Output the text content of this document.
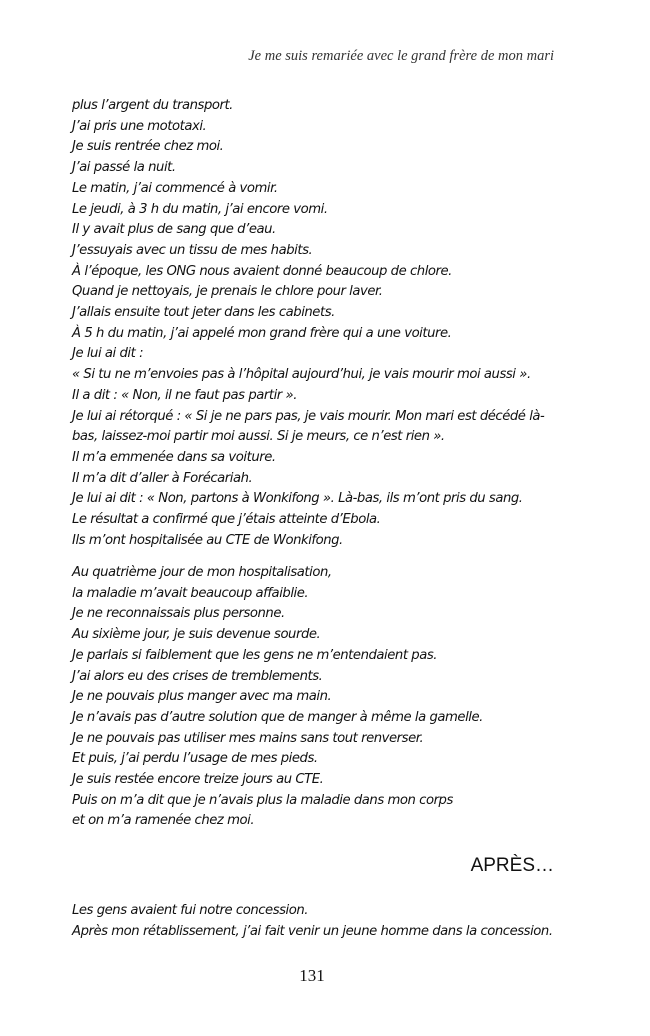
Je me suis remariée avec le grand frère de mon mari
plus l’argent du transport.
J’ai pris une mototaxi.
Je suis rentrée chez moi.
J’ai passé la nuit.
Le matin, j’ai commencé à vomir.
Le jeudi, à 3 h du matin, j’ai encore vomi.
Il y avait plus de sang que d’eau.
J’essuyais avec un tissu de mes habits.
À l’époque, les ONG nous avaient donné beaucoup de chlore.
Quand je nettoyais, je prenais le chlore pour laver.
J’allais ensuite tout jeter dans les cabinets.
À 5 h du matin, j’ai appelé mon grand frère qui a une voiture.
Je lui ai dit :
« Si tu ne m’envoies pas à l’hôpital aujourd’hui, je vais mourir moi aussi ».
Il a dit : « Non, il ne faut pas partir ».
Je lui ai rétorqué : « Si je ne pars pas, je vais mourir. Mon mari est décédé là-
bas, laissez-moi partir moi aussi. Si je meurs, ce n’est rien ».
Il m’a emmenée dans sa voiture.
Il m’a dit d’aller à Forécariah.
Je lui ai dit : « Non, partons à Wonkifong ». Là-bas, ils m’ont pris du sang.
Le résultat a confirmé que j’étais atteinte d’Ebola.
Ils m’ont hospitalisée au CTE de Wonkifong.
Au quatrième jour de mon hospitalisation,
la maladie m’avait beaucoup affaiblie.
Je ne reconnaissais plus personne.
Au sixième jour, je suis devenue sourde.
Je parlais si faiblement que les gens ne m’entendaient pas.
J’ai alors eu des crises de tremblements.
Je ne pouvais plus manger avec ma main.
Je n’avais pas d’autre solution que de manger à même la gamelle.
Je ne pouvais pas utiliser mes mains sans tout renverser.
Et puis, j’ai perdu l’usage de mes pieds.
Je suis restée encore treize jours au CTE.
Puis on m’a dit que je n’avais plus la maladie dans mon corps
et on m’a ramenée chez moi.
APRÈS…
Les gens avaient fui notre concession.
Après mon rétablissement, j’ai fait venir un jeune homme dans la concession.
131
